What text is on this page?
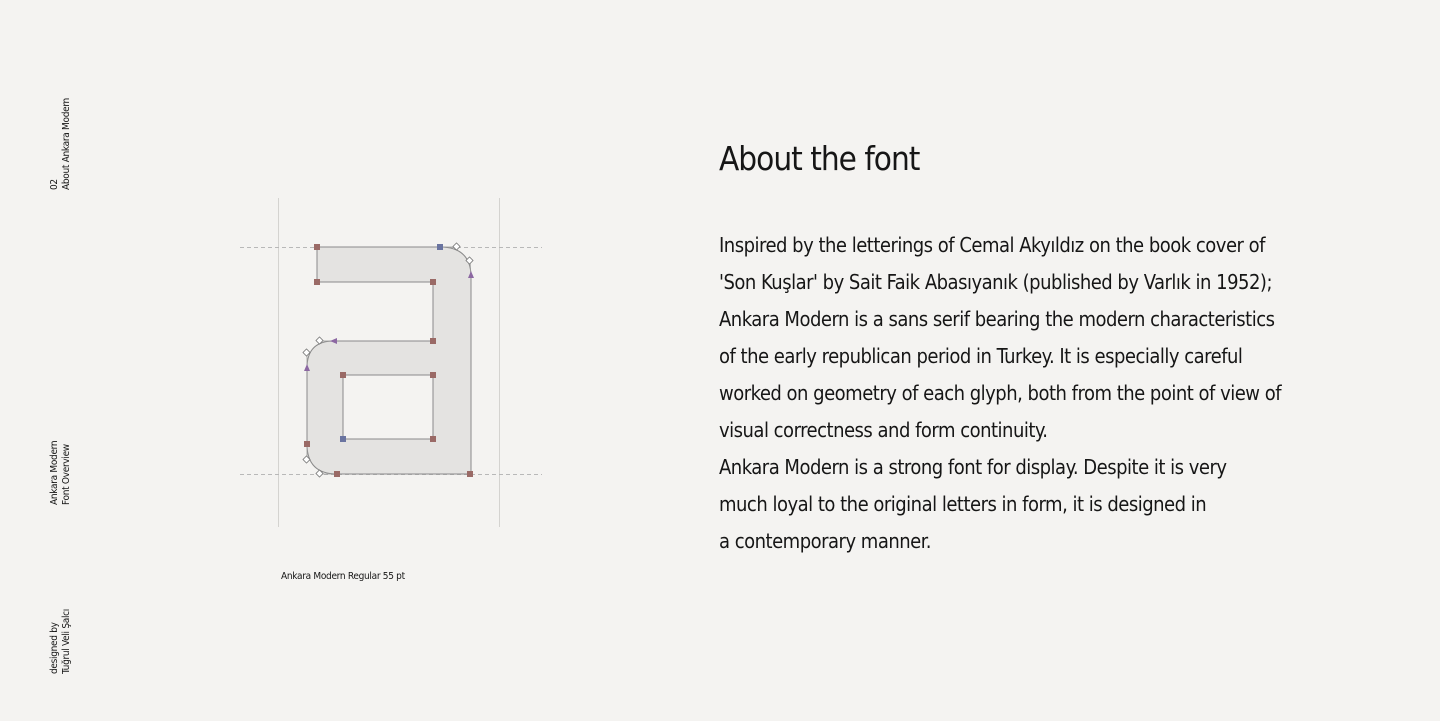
02 About Ankara Modern
Ankara Modern Font Overview
designed by Tuğrul Veli Şalcı
Ankara Modern Regular 55 pt
About the font
Inspired by the letterings of Cemal Akyıldız on the book cover of
'Son Kuşlar' by Sait Faik Abasıyanık (published by Varlık in 1952);
Ankara Modern is a sans serif bearing the modern characteristics
of the early republican period in Turkey. It is especially careful
worked on geometry of each glyph, both from the point of view of
visual correctness and form continuity.
Ankara Modern is a strong font for display. Despite it is very
much loyal to the original letters in form, it is designed in
a contemporary manner.
